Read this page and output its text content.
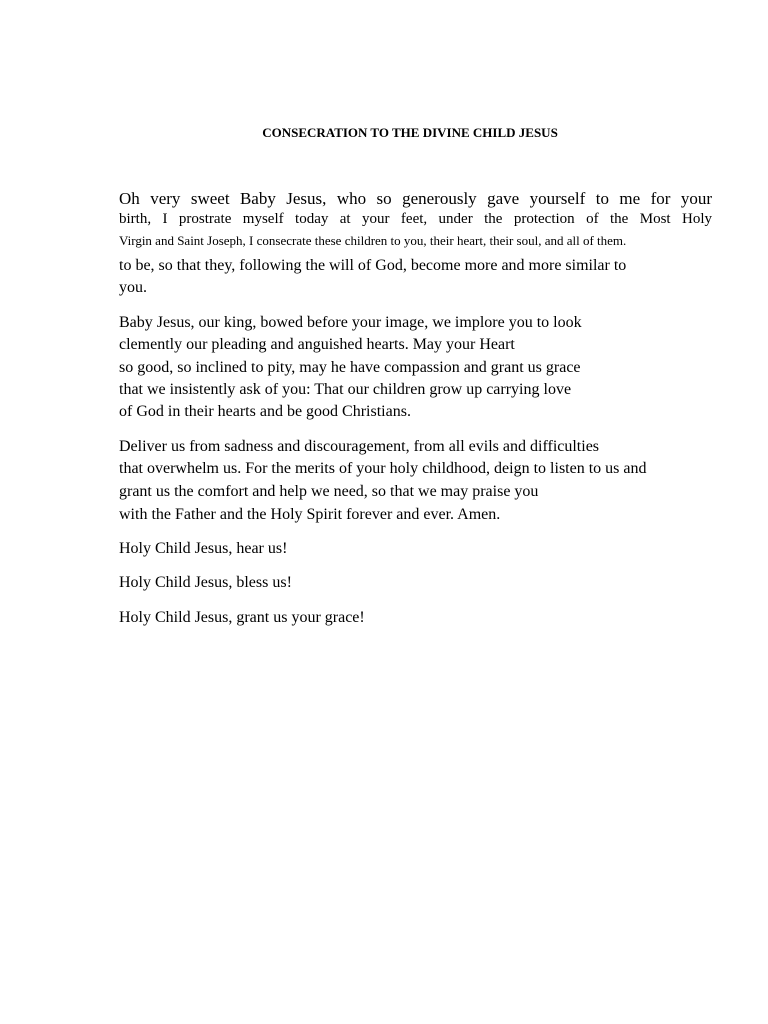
CONSECRATION TO THE DIVINE CHILD JESUS
Oh very sweet Baby Jesus, who so generously gave yourself to me for your
birth, I prostrate myself today at your feet, under the protection of the Most Holy
Virgin and Saint Joseph, I consecrate these children to you, their heart, their soul, and all of them.
to be, so that they, following the will of God, become more and more similar to
you.
Baby Jesus, our king, bowed before your image, we implore you to look
clemently our pleading and anguished hearts. May your Heart
so good, so inclined to pity, may he have compassion and grant us grace
that we insistently ask of you: That our children grow up carrying love
of God in their hearts and be good Christians.
Deliver us from sadness and discouragement, from all evils and difficulties
that overwhelm us. For the merits of your holy childhood, deign to listen to us and
grant us the comfort and help we need, so that we may praise you
with the Father and the Holy Spirit forever and ever. Amen.
Holy Child Jesus, hear us!
Holy Child Jesus, bless us!
Holy Child Jesus, grant us your grace!
